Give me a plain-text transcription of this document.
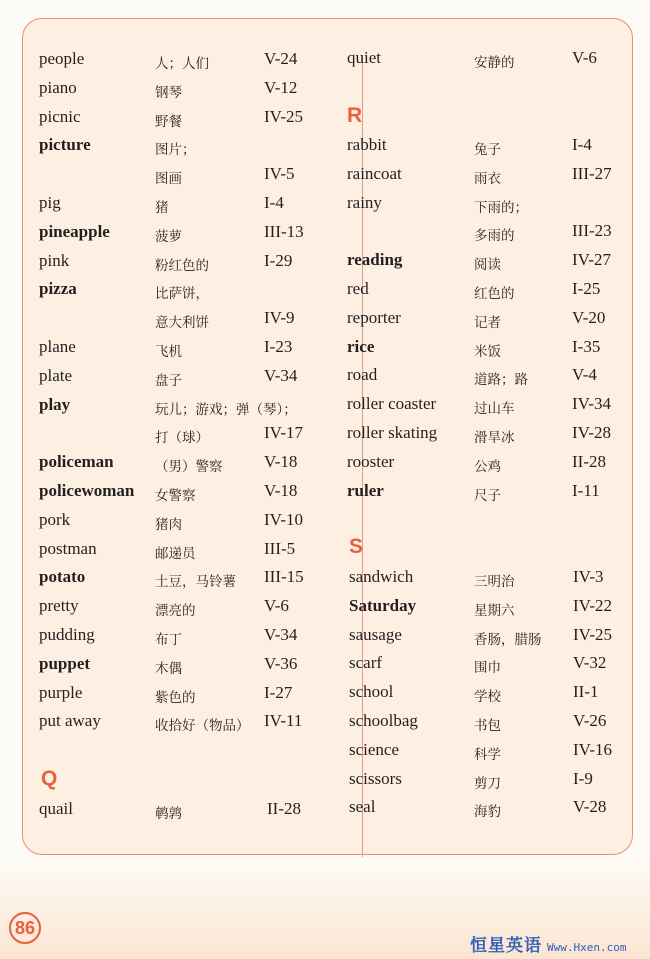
people	人；人们	V-24
piano	钢琴	V-12
picnic	野餐	IV-25
picture	图片；
图画	IV-5
pig	猪	I-4
pineapple	菠萝	III-13
pink	粉红色的	I-29
pizza	比萨饼，
意大利饼	IV-9
plane	飞机	I-23
plate	盘子	V-34
play	玩儿；游戏；弹（琴）；
打（球）	IV-17
policeman	（男）警察 V-18
policewoman 女警察	V-18
pork	猪肉	IV-10
postman	邮递员	III-5
potato	土豆，马铃薯 III-15
pretty	漂亮的	V-6
pudding	布丁	V-34
puppet	木偶	V-36
purple	紫色的	I-27
put away	收拾好（物品） IV-11
Q
quail	鹌鹑	II-28
quiet	安静的	V-6
R
rabbit	兔子	I-4
raincoat	雨衣	III-27
rainy	下雨的；
多雨的	III-23
reading	阅读	IV-27
red	红色的	I-25
reporter	记者	V-20
rice	米饭	I-35
road	道路；路	V-4
roller coaster	过山车	IV-34
roller skating	滑旱冰	IV-28
rooster	公鸡	II-28
ruler	尺子	I-11
S
sandwich	三明治	IV-3
Saturday	星期六	IV-22
sausage	香肠，腊肠 IV-25
scarf	围巾	V-32
school	学校	II-1
schoolbag	书包	V-26
science	科学	IV-16
scissors	剪刀	I-9
seal	海豹	V-28
86
恒星英语 Www.Hxen.com
